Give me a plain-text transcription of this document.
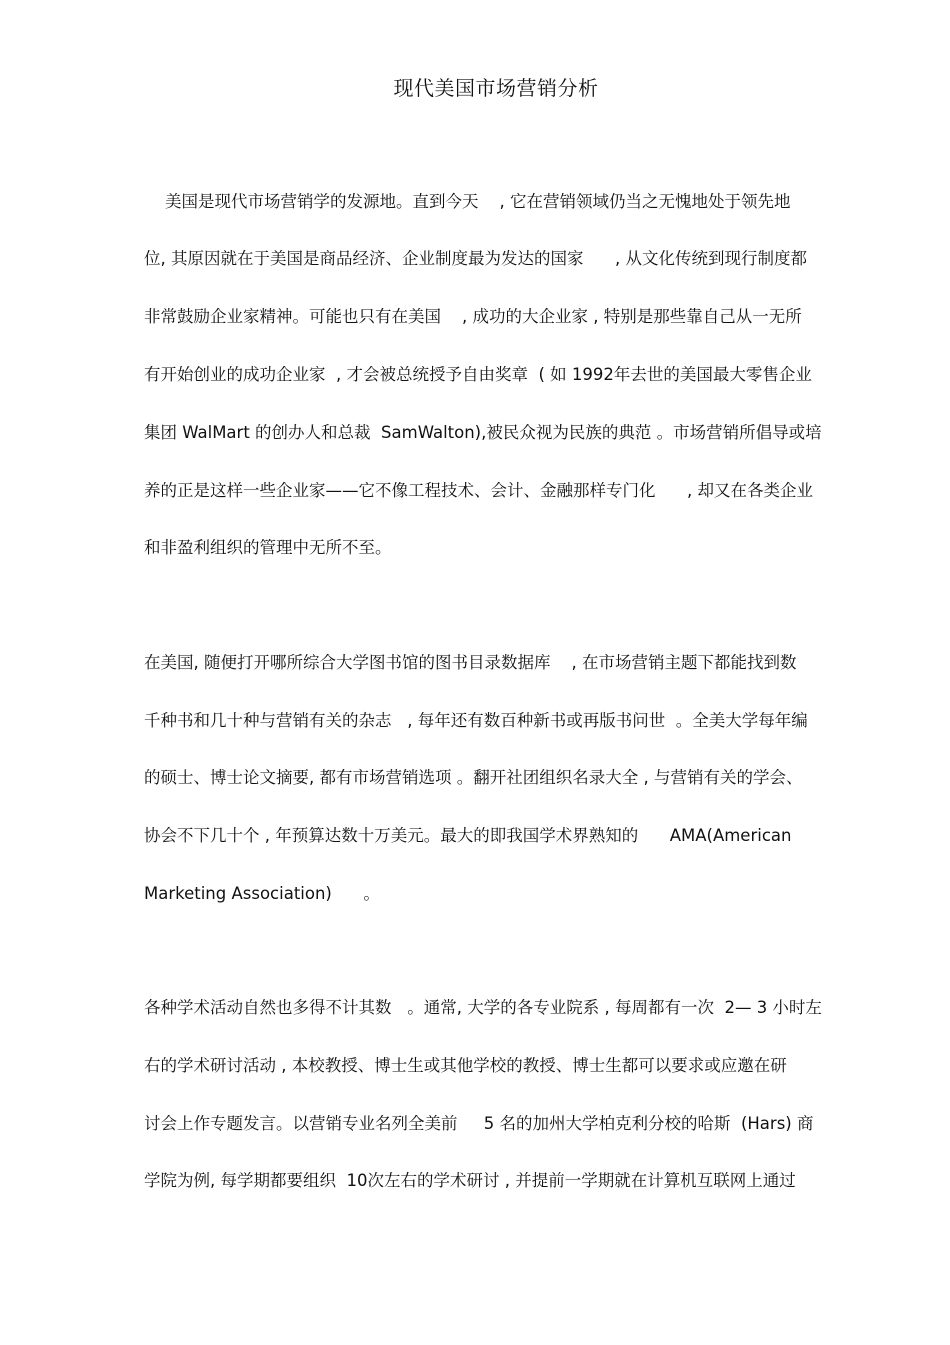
现代美国市场营销分析
美国是现代市场营销学的发源地。直到今天    , 它在营销领域仍当之无愧地处于领先地
位, 其原因就在于美国是商品经济、企业制度最为发达的国家      , 从文化传统到现行制度都
非常鼓励企业家精神。可能也只有在美国    , 成功的大企业家 , 特别是那些靠自己从一无所
有开始创业的成功企业家  , 才会被总统授予自由奖章  ( 如 1992年去世的美国最大零售企业
集团 WalMart 的创办人和总裁  SamWalton),被民众视为民族的典范 。市场营销所倡导或培
养的正是这样一些企业家——它不像工程技术、会计、金融那样专门化      , 却又在各类企业
和非盈利组织的管理中无所不至。
在美国, 随便打开哪所综合大学图书馆的图书目录数据库    , 在市场营销主题下都能找到数
千种书和几十种与营销有关的杂志   , 每年还有数百种新书或再版书问世  。全美大学每年编
的硕士、博士论文摘要, 都有市场营销选项 。翻开社团组织名录大全 , 与营销有关的学会、
协会不下几十个 , 年预算达数十万美元。最大的即我国学术界熟知的      AMA(American
Marketing Association)      。
各种学术活动自然也多得不计其数   。通常, 大学的各专业院系 , 每周都有一次  2— 3 小时左
右的学术研讨活动 , 本校教授、博士生或其他学校的教授、博士生都可以要求或应邀在研
讨会上作专题发言。以营销专业名列全美前     5 名的加州大学柏克利分校的哈斯  (Hars) 商
学院为例, 每学期都要组织  10次左右的学术研讨 , 并提前一学期就在计算机互联网上通过
